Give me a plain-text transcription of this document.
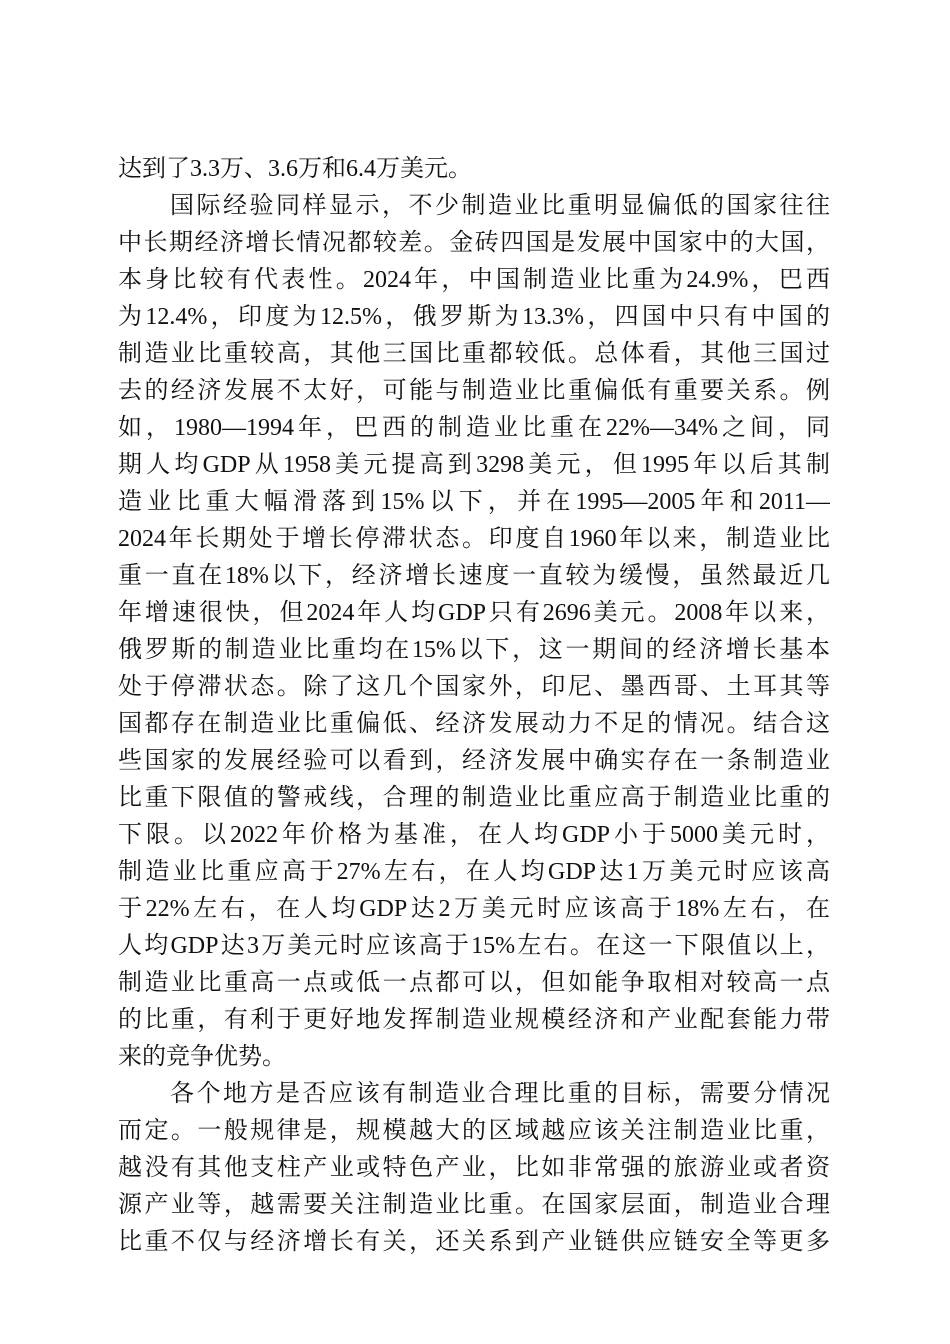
达到了3.3万、3.6万和6.4万美元。
国际经验同样显示，不少制造业比重明显偏低的国家往往
中长期经济增长情况都较差。金砖四国是发展中国家中的大国，
本身比较有代表性。2024年，中国制造业比重为24.9%，巴西
为12.4%，印度为12.5%，俄罗斯为13.3%，四国中只有中国的
制造业比重较高，其他三国比重都较低。总体看，其他三国过
去的经济发展不太好，可能与制造业比重偏低有重要关系。例
如，1980—1994年，巴西的制造业比重在22%—34%之间，同
期人均GDP从1958美元提高到3298美元，但1995年以后其制
造业比重大幅滑落到15%以下，并在1995—2005年和2011—
2024年长期处于增长停滞状态。印度自1960年以来，制造业比
重一直在18%以下，经济增长速度一直较为缓慢，虽然最近几
年增速很快，但2024年人均GDP只有2696美元。2008年以来，
俄罗斯的制造业比重均在15%以下，这一期间的经济增长基本
处于停滞状态。除了这几个国家外，印尼、墨西哥、土耳其等
国都存在制造业比重偏低、经济发展动力不足的情况。结合这
些国家的发展经验可以看到，经济发展中确实存在一条制造业
比重下限值的警戒线，合理的制造业比重应高于制造业比重的
下限。以2022年价格为基准，在人均GDP小于5000美元时，
制造业比重应高于27%左右，在人均GDP达1万美元时应该高
于22%左右，在人均GDP达2万美元时应该高于18%左右，在
人均GDP达3万美元时应该高于15%左右。在这一下限值以上，
制造业比重高一点或低一点都可以，但如能争取相对较高一点
的比重，有利于更好地发挥制造业规模经济和产业配套能力带
来的竞争优势。
各个地方是否应该有制造业合理比重的目标，需要分情况
而定。一般规律是，规模越大的区域越应该关注制造业比重，
越没有其他支柱产业或特色产业，比如非常强的旅游业或者资
源产业等，越需要关注制造业比重。在国家层面，制造业合理
比重不仅与经济增长有关，还关系到产业链供应链安全等更多
